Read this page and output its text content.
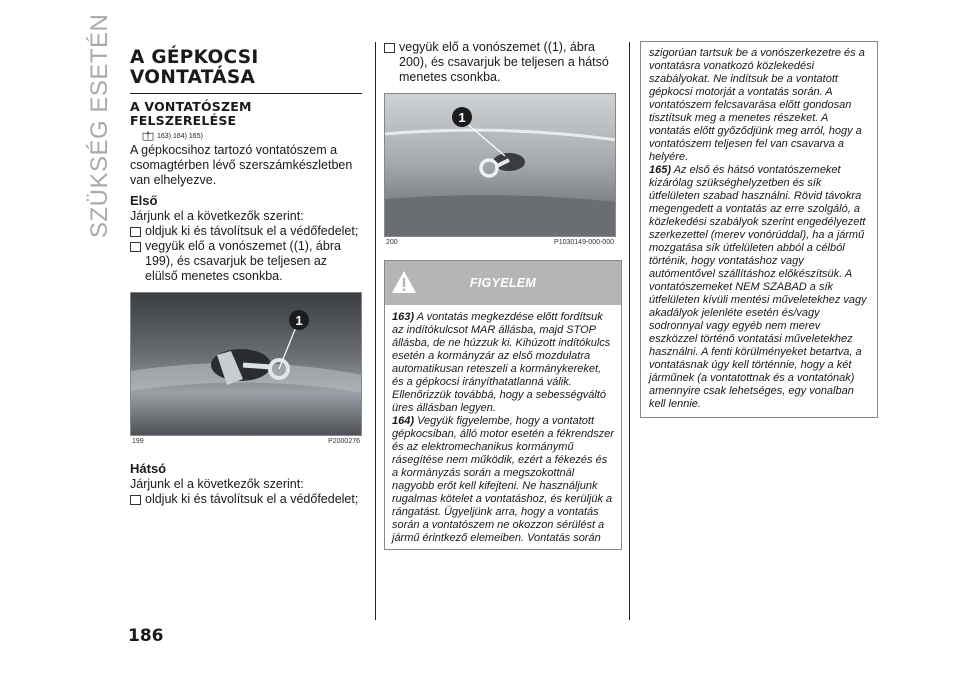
SZÜKSÉG ESETÉN A GÉPKOCSI
VONTATÁSA
A VONTATÓSZEM
FELSZERELÉSE
163) 164) 165)

A gépkocsihoz tartozó vontatószem a csomagtérben lévő szerszámkészletben van elhelyezve.

Első

Járjunk el a következők szerint:

oldjuk ki és távolítsuk el a védőfedelet;

vegyük elő a vonószemet ((1), ábra 199), és csavarjuk be teljesen az elülső menetes csonkba.

1
199	P2000276
Hátsó

Járjunk el a következők szerint:

oldjuk ki és távolítsuk el a védőfedelet;

vegyük elő a vonószemet ((1), ábra 200), és csavarjuk be teljesen a hátsó menetes csonkba.

1
200	P1030149-000-000
FIGYELEM

163) A vontatás megkezdése előtt fordítsuk az indítókulcsot MAR állásba, majd STOP állásba, de ne húzzuk ki. Kihúzott indítókulcs esetén a kormányzár az első mozdulatra automatikusan reteszeli a kormánykereket, és a gépkocsi irányíthatatlanná válik. Ellenőrizzük továbbá, hogy a sebességváltó üres állásban legyen.

164) Vegyük figyelembe, hogy a vontatott gépkocsiban, álló motor esetén a fékrendszer és az elektromechanikus kormánymű rásegítése nem működik, ezért a fékezés és a kormányzás során a megszokottnál nagyobb erőt kell kifejteni. Ne használjunk rugalmas kötelet a vontatáshoz, és kerüljük a rángatást. Ügyeljünk arra, hogy a vontatás során a vontatószem ne okozzon sérülést a jármű érintkező elemeiben. Vontatás során

szigorúan tartsuk be a vonószerkezetre és a vontatásra vonatkozó közlekedési szabályokat. Ne indítsuk be a vontatott gépkocsi motorját a vontatás során. A vontatószem felcsavarása előtt gondosan tisztítsuk meg a menetes részeket. A vontatás előtt győződjünk meg arról, hogy a vontatószem teljesen fel van csavarva a helyére.

165) Az első és hátsó vontatószemeket kizárólag szükséghelyzetben és sík útfelületen szabad használni. Rövid távokra megengedett a vontatás az erre szolgáló, a közlekedési szabályok szerint engedélyezett szerkezettel (merev vonórúddal), ha a jármű mozgatása sík útfelületen abból a célból történik, hogy vontatáshoz vagy autómentővel szállításhoz előkészítsük. A vontatószemeket NEM SZABAD a sík útfelületen kívüli mentési műveletekhez vagy akadályok jelenléte esetén és/vagy sodronnyal vagy egyéb nem merev eszközzel történő vontatási műveletekhez használni. A fenti körülményeket betartva, a vontatásnak úgy kell történnie, hogy a két járműnek (a vontatottnak és a vontatónak) amennyire csak lehetséges, egy vonalban kell lennie.

186
